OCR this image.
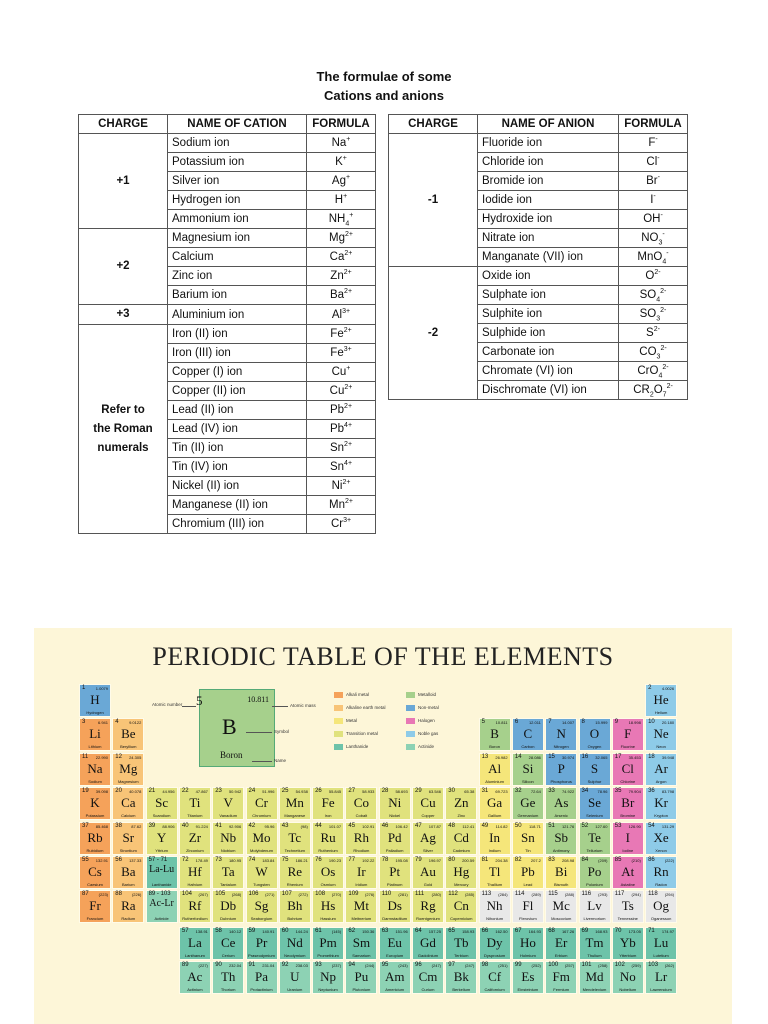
The formulae of some
Cations and anions
CHARGE	NAME OF CATION	FORMULA
+1	Sodium ion	Na+
	Potassium ion	K+
	Silver ion	Ag+
	Hydrogen ion	H+
	Ammonium ion	$NH_4^+$
+2	Magnesium ion	$Mg^{2+}$
	Calcium	$Ca^{2+}$
	Zinc ion	$Zn^{2+}$
	Barium ion	$Ba^{2+}$
+3	Aluminium ion	$Al^{3+}$

Refer to
the Roman
numerals	Iron (II) ion	$Fe^{2+}$
	Iron (III) ion	$Fe^{3+}$
	Copper (I) ion	Cu+
	Copper (II) ion	$Cu^{2+}$
	Lead (II) ion	$Pb^{2+}$
	Lead (IV) ion	$Pb^{4+}$
	Tin (II) ion	$Sn^{2+}$
	Tin (IV) ion	$Sn^{4+}$
	Nickel (II) ion	$Ni^{2+}$
	Manganese (II) ion	$Mn^{2+}$
	Chromium (III) ion	$Cr^{3+}$
CHARGE	NAME OF ANION	FORMULA
-1	Fluoride ion	F-
	Chloride ion	Cl-
	Bromide ion	Br-
	Iodide ion	I-
	Hydroxide ion	OH-
	Nitrate ion	$NO_3^-$
	Manganate (VII) ion	MnO$_4$-
-2	Oxide ion	$O^{2-}$
	Sulphate ion	$SO_4^{2-}$
	Sulphite ion	$SO_3^{2-}$
	Sulphide ion	$S^{2-}$
	Carbonate ion	$CO_3^{2-}$
	Chromate (VI) ion	CrO$_4^{2-}$
	Dischromate (VI) ion	$CR_2O_7^{2-}$
PERIODIC TABLE OF THE ELEMENTS
5	10.811
B
Boron
Atomic number	Atomic mass
Symbol
Name
Alkali metal
Alkaline earth metal
Metal
Transition metal
Lanthanide
Metalloid
Non-metal
Halogen
Noble gas
Actinide
1	1.0079
H
Hydrogen
2	4.0026
He
Helium
3	6.941
Li
Lithium
4	9.0122
Be
Beryllium
5	10.811
B
Boron
6	12.011
C
Carbon
7	14.007
N
Nitrogen
8	15.999
O
Oxygen
9	18.998
F
Fluorine
10 20.180
Ne
Neon
11 22.990
Na
Sodium
12 24.305
Mg
Magnesium
13 26.982
Al
Aluminium
14 28.086
Si
Silicon
15 30.974
P
Phosphorus
16 32.065
S
Sulphur
17 35.453
Cl
Chlorine
18 39.948
Ar
Argon
19 39.098
K
Potassium
20 40.078
Ca
Calcium
21 44.956
Sc
Scandium
22 47.867
Ti
Titanium
23 50.942
V
Vanadium
24 51.996
Cr
Chromium
25 54.938
Mn
Manganese
26 55.845
Fe
Iron
27 58.933
Co
Cobalt
28 58.693
Ni
Nickel
29 63.546
Cu
Copper
30 65.38
Zn
Zinc
31 69.723
Ga
Gallium
32 72.64
Ge
Germanium
33 74.922
As
Arsenic
34 78.96
Se
Selenium
35 79.904
Br
Bromine
36 83.798
Kr
Krypton
37 85.468
Rb
Rubidium
38 87.62
Sr
Strontium
39 88.906
Y
Yttrium
40 91.224
Zr
Zirconium
41 92.906
Nb
Niobium
42 95.96
Mo
Molybdenum
43	(98)
Tc
Technetium
44 101.07
Ru
Ruthenium
45 102.91
Rh
Rhodium
46 106.42
Pd
Palladium
47 107.87
Ag
Silver
48 112.41
Cd
Cadmium
49 114.82
In
Indium
50 118.71
Sn
Tin
51 121.76
Sb
Antimony
52 127.60
Te
Tellurium
53 126.90
I
Iodine
54 131.29
Xe
Xenon
55 132.91
Cs
Caesium
56 137.33
Ba
Barium
57 - 71
La-Lu
Lanthanide
72 178.49
Hf
Hafnium
73 180.95
Ta
Tantalum
74 183.84
W
Tungsten
75 186.21
Re
Rhenium
76 190.23
Os
Osmium
77 192.22
Ir
Iridium
78 195.08
Pt
Platinum
79 196.97
Au
Gold
80 200.59
Hg
Mercury
81 204.38
Tl
Thallium
82 207.2
Pb
Lead
83 208.98
Bi
Bismuth
84 (209)
Po
Polonium
85 (210)
At
Astatine
86 (222)
Rn
Radon
87 (223)
Fr
Francium
88 (226)
Ra
Radium
89 - 103
Ac-Lr
Actinide
104 (267)
Rf
Rutherfordium
105 (268)
Db
Dubnium
106 (271)
Sg
Seaborgium
107 (272)
Bh
Bohrium
108 (270)
Hs
Hassium
109 (276)
Mt
Meitnerium
110 (281)
Ds
Darmstadtium
111 (280)
Rg
Roentgenium
112 (285)
Cn
Copernicium
113 (284)
Nh
Nihonium
114 (289)
Fl
Flerovium
115 (288)
Mc
Moscovium
116 (293)
Lv
Livermorium
117 (294)
Ts
Tennessine
118 (294)
Og
Oganesson
57 138.91
La
Lanthanum
58 140.12
Ce
Cerium
59 140.91
Pr
Praseodymium
60 144.24
Nd
Neodymium
61 (145)
Pm
Promethium
62 150.36
Sm
Samarium
63 151.96
Eu
Europium
64 157.25
Gd
Gadolinium
65 158.93
Tb
Terbium
66 162.50
Dy
Dysprosium
67 164.93
Ho
Holmium
68 167.26
Er
Erbium
69 168.93
Tm
Thulium
70 173.05
Yb
Ytterbium
71 174.97
Lu
Lutetium
89 (227)
Ac
Actinium
90 232.04
Th
Thorium
91 231.04
Pa
Protactinium
92 238.03
U
Uranium
93 (237)
Np
Neptunium
94 (244)
Pu
Plutonium
95 (243)
Am
Americium
96 (247)
Cm
Curium
97 (247)
Bk
Berkelium
98 (251)
Cf
Californium
99 (252)
Es
Einsteinium
100 (257)
Fm
Fermium
101 (258)
Md
Mendelevium
102 (259)
No
Nobelium
103 (262)
Lr
Lawrencium
